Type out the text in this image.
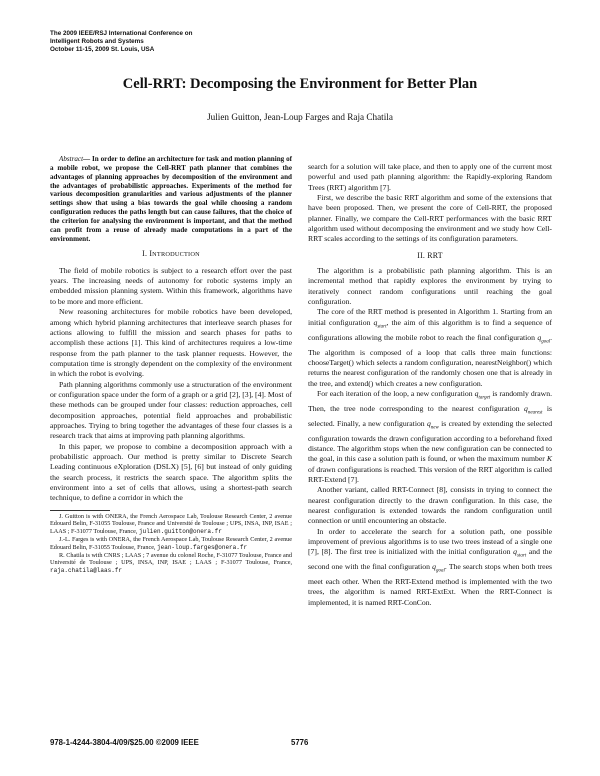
The 2009 IEEE/RSJ International Conference on
Intelligent Robots and Systems
October 11-15, 2009 St. Louis, USA
Cell-RRT: Decomposing the Environment for Better Plan
Julien Guitton, Jean-Loup Farges and Raja Chatila

Abstract— In order to define an architecture for task and motion planning of a mobile robot, we propose the Cell-RRT path planner that combines the advantages of planning approaches by decomposition of the environment and the advantages of probabilistic approaches. Experiments of the method for various decomposition granularities and various adjustments of the planner settings show that using a bias towards the goal while choosing a random configuration reduces the paths length but can cause failures, that the choice of the criterion for analysing the environment is important, and that the method can profit from a reuse of already made computations in a part of the environment.

I. INTRODUCTION

The field of mobile robotics is subject to a research effort over the past years. The increasing needs of autonomy for robotic systems imply an embedded mission planning system. Within this framework, algorithms have to be more and more efficient.

New reasoning architectures for mobile robotics have been developed, among which hybrid planning architectures that interleave search phases for actions allowing to fulfill the mission and search phases for paths to accomplish these actions [1]. This kind of architectures requires a low-time response from the path planner to the task planner requests. However, the computation time is strongly dependent on the complexity of the environment in which the robot is evolving.

Path planning algorithms commonly use a structuration of the environment or configuration space under the form of a graph or a grid [2], [3], [4]. Most of these methods can be grouped under four classes: reduction approaches, cell decomposition approaches, potential field approaches and probabilistic approaches. Trying to bring together the advantages of these four classes is a research track that aims at improving path planning algorithms.

In this paper, we propose to combine a decomposition approach with a probabilistic approach. Our method is pretty similar to Discrete Search Leading continuous eXploration (DSLX) [5], [6] but instead of only guiding the search process, it restricts the search space. The algorithm splits the environment into a set of cells that allows, using a shortest-path search technique, to define a corridor in which the

J. Guitton is with ONERA, the French Aerospace Lab, Toulouse Research Center, 2 avenue Edouard Belin, F-31055 Toulouse, France and Université de Toulouse ; UPS, INSA, INP, ISAE ; LAAS ; F-31077 Toulouse, France, julien.guitton@onera.fr

J.-L. Farges is with ONERA, the French Aerospace Lab, Toulouse Research Center, 2 avenue Edouard Belin, F-31055 Toulouse, France, jean-loup.farges@onera.fr

R. Chatila is with CNRS ; LAAS ; 7 avenue du colonel Roche, F-31077 Toulouse, France and Université de Toulouse ; UPS, INSA, INP, ISAE ; LAAS ; F-31077 Toulouse, France, raja.chatila@laas.fr

search for a solution will take place, and then to apply one of the current most powerful and used path planning algorithm: the Rapidly-exploring Random Trees (RRT) algorithm [7].

First, we describe the basic RRT algorithm and some of the extensions that have been proposed. Then, we present the core of Cell-RRT, the proposed planner. Finally, we compare the Cell-RRT performances with the basic RRT algorithm used without decomposing the environment and we study how Cell-RRT scales according to the settings of its configuration parameters.

II. RRT

The algorithm is a probabilistic path planning algorithm. This is an incremental method that rapidly explores the environment by trying to iteratively connect random configurations until reaching the goal configuration.

The core of the RRT method is presented in Algorithm 1. Starting from an initial configuration $q_{start}$, the aim of this algorithm is to find a sequence of configurations allowing the mobile robot to reach the final configuration $q_{goal}$. The algorithm is composed of a loop that calls three main functions: chooseTarget() which selects a random configuration, nearestNeighbor() which returns the nearest configuration of the randomly chosen one that is already in the tree, and extend() which creates a new configuration.

For each iteration of the loop, a new configuration $q_{target}$ is randomly drawn. Then, the tree node corresponding to the nearest configuration $q_{nearest}$ is selected. Finally, a new configuration $q_{new}$ is created by extending the selected configuration towards the drawn configuration according to a beforehand fixed distance. The algorithm stops when the new configuration can be connected to the goal, in this case a solution path is found, or when the maximum number K of drawn configurations is reached. This version of the RRT algorithm is called RRT-Extend [7].

Another variant, called RRT-Connect [8], consists in trying to connect the nearest configuration directly to the drawn configuration. In this case, the nearest configuration is extended towards the random configuration until connection or until encountering an obstacle.

In order to accelerate the search for a solution path, one possible improvement of previous algorithms is to use two trees instead of a single one [7], [8]. The first tree is initialized with the initial configuration $q_{start}$ and the second one with the final configuration $q_{goal}$. The search stops when both trees meet each other. When the RRT-Extend method is implemented with the two trees, the algorithm is named RRT-ExtExt. When the RRT-Connect is implemented, it is named RRT-ConCon.

978-1-4244-3804-4/09/$25.00 ©2009 IEEE	5776
